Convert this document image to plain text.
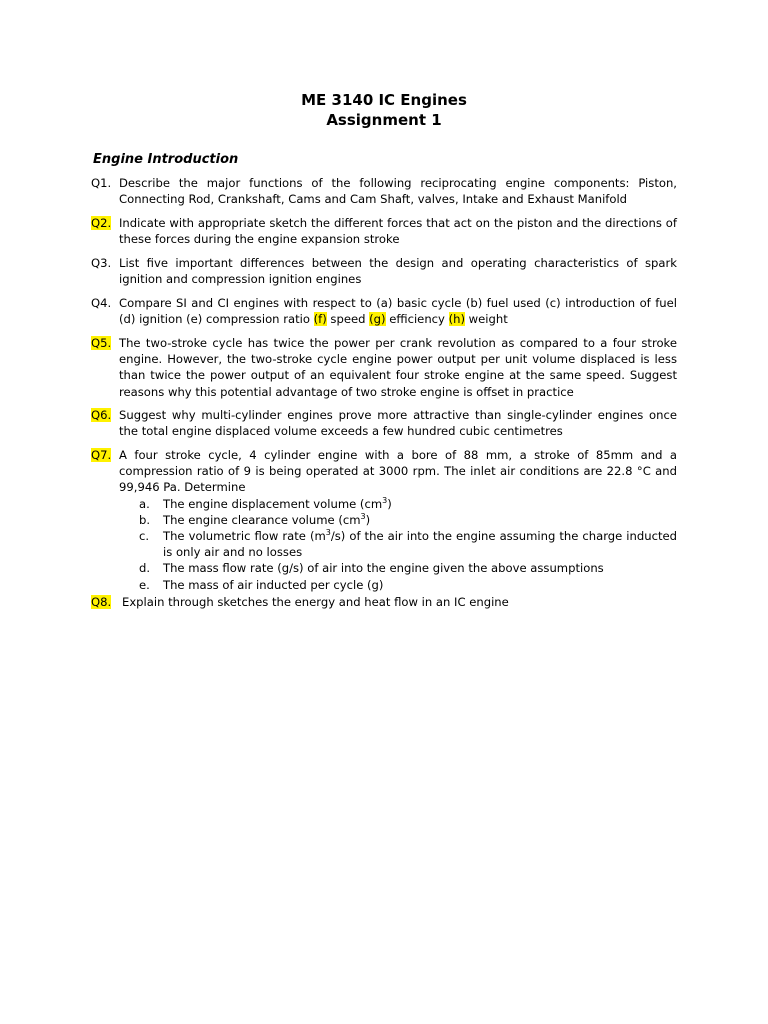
ME 3140 IC Engines
Assignment 1
Engine Introduction
Q1. Describe the major functions of the following reciprocating engine components: Piston, Connecting Rod, Crankshaft, Cams and Cam Shaft, valves, Intake and Exhaust Manifold
Q2. Indicate with appropriate sketch the different forces that act on the piston and the directions of these forces during the engine expansion stroke
Q3. List five important differences between the design and operating characteristics of spark ignition and compression ignition engines
Q4. Compare SI and CI engines with respect to (a) basic cycle (b) fuel used (c) introduction of fuel (d) ignition (e) compression ratio (f) speed (g) efficiency (h) weight
Q5. The two-stroke cycle has twice the power per crank revolution as compared to a four stroke engine. However, the two-stroke cycle engine power output per unit volume displaced is less than twice the power output of an equivalent four stroke engine at the same speed. Suggest reasons why this potential advantage of two stroke engine is offset in practice
Q6. Suggest why multi-cylinder engines prove more attractive than single-cylinder engines once the total engine displaced volume exceeds a few hundred cubic centimetres
Q7. A four stroke cycle, 4 cylinder engine with a bore of 88 mm, a stroke of 85mm and a compression ratio of 9 is being operated at 3000 rpm. The inlet air conditions are 22.8 °C and 99,946 Pa. Determine
a. The engine displacement volume $(cm^3)$
b. The engine clearance volume $(cm^3)$
c. The volumetric flow rate $(m^3/s)$ of the air into the engine assuming the charge inducted is only air and no losses
d. The mass flow rate (g/s) of air into the engine given the above assumptions
e. The mass of air inducted per cycle (g)
Q8. Explain through sketches the energy and heat flow in an IC engine
